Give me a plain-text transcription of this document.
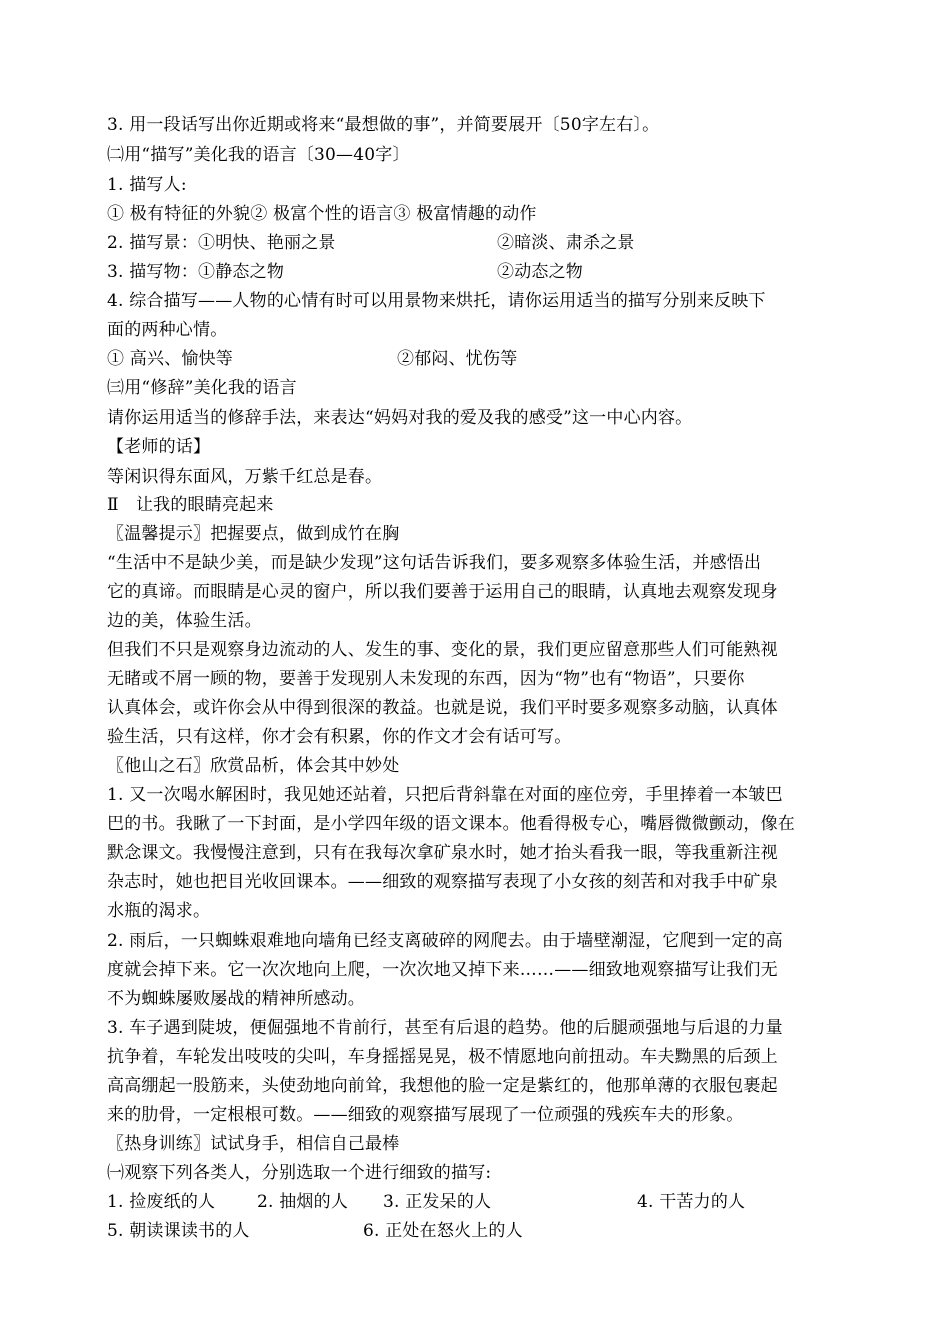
3. 用一段话写出你近期或将来“最想做的事”，并简要展开〔50字左右〕。
㈡用“描写”美化我的语言〔30—40字〕
1. 描写人:
① 极有特征的外貌② 极富个性的语言③ 极富情趣的动作
2. 描写景：①明快、艳丽之景	②暗淡、肃杀之景
3. 描写物：①静态之物	②动态之物
4. 综合描写——人物的心情有时可以用景物来烘托，请你运用适当的描写分别来反映下
面的两种心情。
① 高兴、愉快等	②郁闷、忧伤等
㈢用“修辞”美化我的语言
请你运用适当的修辞手法，来表达“妈妈对我的爱及我的感受”这一中心内容。
【老师的话】
等闲识得东面风，万紫千红总是春。
Ⅱ　让我的眼睛亮起来
〖温馨提示〗把握要点，做到成竹在胸
“生活中不是缺少美，而是缺少发现”这句话告诉我们，要多观察多体验生活，并感悟出
它的真谛。而眼睛是心灵的窗户，所以我们要善于运用自己的眼睛，认真地去观察发现身
边的美，体验生活。
但我们不只是观察身边流动的人、发生的事、变化的景，我们更应留意那些人们可能熟视
无睹或不屑一顾的物，要善于发现别人未发现的东西，因为“物”也有“物语”，只要你
认真体会，或许你会从中得到很深的教益。也就是说，我们平时要多观察多动脑，认真体
验生活，只有这样，你才会有积累，你的作文才会有话可写。
〖他山之石〗欣赏品析，体会其中妙处
1. 又一次喝水解困时，我见她还站着，只把后背斜靠在对面的座位旁，手里捧着一本皱巴
巴的书。我瞅了一下封面，是小学四年级的语文课本。他看得极专心，嘴唇微微颤动，像在
默念课文。我慢慢注意到，只有在我每次拿矿泉水时，她才抬头看我一眼，等我重新注视
杂志时，她也把目光收回课本。——细致的观察描写表现了小女孩的刻苦和对我手中矿泉
水瓶的渴求。
2. 雨后，一只蜘蛛艰难地向墙角已经支离破碎的网爬去。由于墙壁潮湿，它爬到一定的高
度就会掉下来。它一次次地向上爬，一次次地又掉下来……——细致地观察描写让我们无
不为蜘蛛屡败屡战的精神所感动。
3. 车子遇到陡坡，便倔强地不肯前行，甚至有后退的趋势。他的后腿顽强地与后退的力量
抗争着，车轮发出吱吱的尖叫，车身摇摇晃晃，极不情愿地向前扭动。车夫黝黑的后颈上
高高绷起一股筋来，头使劲地向前耸，我想他的脸一定是紫红的，他那单薄的衣服包裹起
来的肋骨，一定根根可数。——细致的观察描写展现了一位顽强的残疾车夫的形象。
〖热身训练〗试试身手，相信自己最棒
㈠观察下列各类人，分别选取一个进行细致的描写:
1. 捡废纸的人 2. 抽烟的人 3. 正发呆的人	4. 干苦力的人
5. 朝读课读书的人	6. 正处在怒火上的人
